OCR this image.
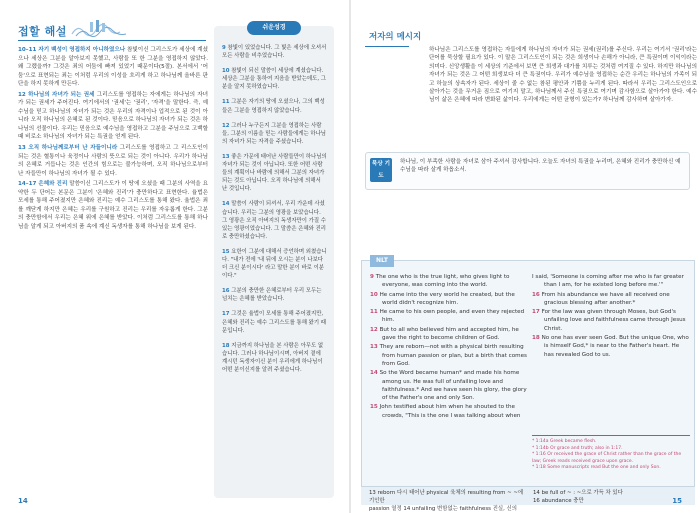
접할 해설

10–11 자기 백성이 영접하지 아니하였으나 참빛이신 그리스도가 세상에 계셨으나 세상은 그분을 알아보지 못했고, 사람들 또 한 그분을 영접하지 않았다. 왜 그랬을까? 그것은 죄의 어둠에 빠져 있었기 때문이다(5절). 본서에서 '어둠'으로 표현되는 죄는 이처럼 우리의 이성을 흐리게 하고 하나님께 올바른 판단을 하지 못하게 만든다.

12 하나님의 자녀가 되는 권세 그리스도를 영접하는 자에게는 하나님의 자녀가 되는 권세가 주어진다. 여기에서의 '권세'는 '권리', '자격'을 말한다. 즉, 예수님을 믿고 하나님의 자녀가 되는 것은 우리의 자격이나 업적으로 된 것이 아니라 오직 하나님의 은혜로 된 것이다. 믿음으로 하나님의 자녀가 되는 것은 하나님의 선물이다. 우리는 믿음으로 예수님을 영접하고 그분을 주님으로 고백할 때 비로소 하나님의 자녀가 되는 특권을 얻게 된다.

13 오직 하나님께로부터 난 자들이니라 그리스도를 영접하고 그 리스도인이 되는 것은 혈통이나 육정이나 사람의 뜻으로 되는 것이 아니다. 우리가 하나님의 은혜로 거듭나는 것은 인간의 힘으로는 불가능하며, 오직 하나님으로부터 난 자들만이 하나님의 자녀가 될 수 있다.

14–17 은혜와 진리 말씀이신 그리스도가 이 땅에 오셨을 때 그분의 사역을 요약한 두 단어는 본문은 그분이 '은혜와 진리'가 충만하다고 표현한다. 율법은 모세를 통해 주어졌지만 은혜와 진리는 예수 그리스도를 통해 왔다. 율법은 죄를 깨닫게 하지만 은혜는 우리를 구원하고 진리는 우리를 자유롭게 한다. 그분의 충만함에서 우리는 은혜 위에 은혜를 받았다. 이처럼 그리스도를 통해 하나님을 알게 되고 아버지의 품 속에 계신 독생자를 통해 하나님을 보게 된다.

쉬운성경

9 참빛이 있었습니다. 그 빛은 세상에 오셔서 모든 사람을 비추었습니다.

10 참빛이 되신 말씀이 세상에 계셨습니다. 세상은 그분을 통하여 지음을 받았는데도, 그분을 알지 못하였습니다.

11 그분은 자기의 땅에 오셨으나, 그의 백성들은 그분을 영접하지 않았습니다.

12 그러나 누구든지 그분을 영접하는 사람들, 그분의 이름을 믿는 사람들에게는 하나님의 자녀가 되는 자격을 주셨습니다.

13 좋은 가문에 태어난 사람들만이 하나님의 자녀가 되는 것이 아닙니다. 또한 어떤 사람들의 계획이나 바람에 의해서 그분의 자녀가 되는 것도 아닙니다. 오직 하나님에 의해서 난 것입니다.

14 말씀이 사람이 되셔서, 우리 가운데 사셨습니다. 우리는 그분의 영광을 보았습니다. 그 영광은 오직 아버지의 독생자만이 가질 수 있는 영광이었습니다. 그 말씀은 은혜와 진리로 충만하셨습니다.

15 요한이 그분에 대해서 증언하며 외쳤습니다. "내가 전에 '내 뒤에 오시는 분이 나보다 더 크신 분이시다' 라고 말한 분이 바로 이분이다."

16 그분의 충만한 은혜로부터 우리 모두는 넘치는 은혜를 받았습니다.

17 그것은 율법이 모세를 통해 주어졌지만, 은혜와 진리는 예수 그리스도를 통해 왔기 때문입니다.

18 지금까지 하나님을 본 사람은 아무도 없습니다. 그러나 하나님이시며, 아버지 곁에 계시던 독생자이신 분이 우리에게 하나님이 어떤 분이신지를 알려 주셨습니다.

14
저자의 메시지
하나님은 그리스도를 영접하는 자들에게 하나님의 자녀가 되는 권세(권리)를 주신다. 우리는 여기서 '권리'라는 단어를 묵상할 필요가 있다. 이 말은 그리스도인이 되는 것은 희생이나 손해가 아니라, 큰 특권이며 이익이라는 의미다. 신앙생활을 이 세상의 기준에서 보면 큰 희생과 대가를 치루는 것처럼 여겨질 수 있다. 하지만 하나님의 자녀가 되는 것은 그 어떤 희생보다 더 큰 특권이다. 우리가 예수님을 영접하는 순간 우리는 하나님의 가족이 되고 하늘의 상속자가 된다. 세상이 줄 수 없는 참된 평안과 기쁨을 누리게 된다. 따라서 우리는 그리스도인으로 살아가는 것을 무거운 짐으로 여기지 말고, 하나님께서 주신 특권으로 여기며 감사함으로 살아가야 한다. 예수님이 삶은 은혜에 따라 변화된 삶이다. 우리에게는 어떤 균형이 있는가? 하나님께 감사하며 살아가자.
묵상 기도
하나님, 이 부족한 사람을 자녀로 삼아 주셔서 감사합니다. 오늘도 자녀의 특권을 누리며, 은혜와 진리가 충만하신 예수님을 따라 살게 하옵소서.
NLT

9 The one who is the true light, who gives light to everyone, was coming into the world.

10 He came into the very world he created, but the world didn't recognize him.

11 He came to his own people, and even they rejected him.

12 But to all who believed him and accepted him, he gave the right to become children of God.

13 They are reborn—not with a physical birth resulting from human passion or plan, but a birth that comes from God.

14 So the Word became human* and made his home among us. He was full of unfailing love and faithfulness.* And we have seen his glory, the glory of the Father's one and only Son.

15 John testified about him when he shouted to the crowds, "This is the one I was talking about when

I said, 'Someone is coming after me who is far greater than I am, for he existed long before me.'"

16 From his abundance we have all received one gracious blessing after another.*

17 For the law was given through Moses, but God's unfailing love and faithfulness came through Jesus Christ.

18 No one has ever seen God. But the unique One, who is himself God,* is near to the Father's heart. He has revealed God to us.

* 1:14a Greek became flesh.
* 1:14b Or grace and truth; also in 1:17.
* 1:16 Or received the grace of Christ rather than the grace of the law; Greek reads received grace upon grace.
* 1:18 Some manuscripts read But the one and only Son.
13 reborn 다시 태어난 physical 육체의 resulting from ~ ~에 기인한
passion 열정 14 unfailing 변함없는 faithfulness 진실, 신의
14 be full of ~ : ~으로 가득 차 있다
16 abundance 충만	15
